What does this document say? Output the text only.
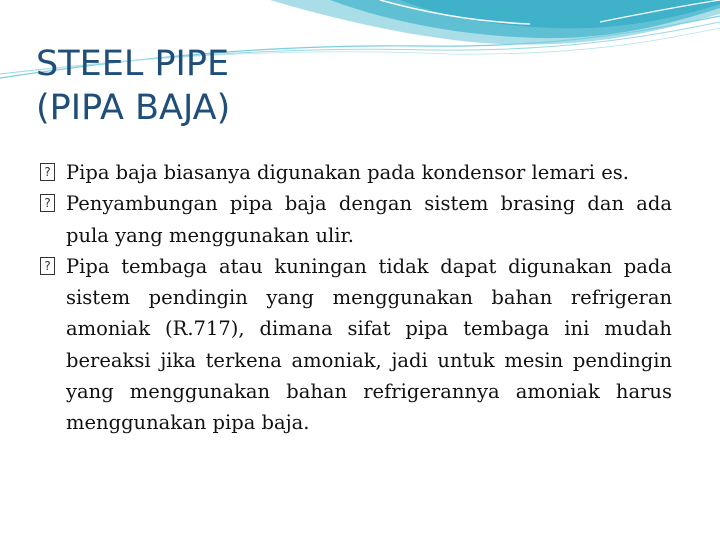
STEEL PIPE
(PIPA BAJA)

? Pipa baja biasanya digunakan pada kondensor lemari es.

? Penyambungan pipa baja dengan sistem brasing dan ada pula yang menggunakan ulir.

? Pipa tembaga atau kuningan tidak dapat digunakan pada sistem pendingin yang menggunakan bahan refrigeran amoniak (R.717), dimana sifat pipa tembaga ini mudah bereaksi jika terkena amoniak, jadi untuk mesin pendingin yang menggunakan bahan refrigerannya amoniak harus menggunakan pipa baja.
